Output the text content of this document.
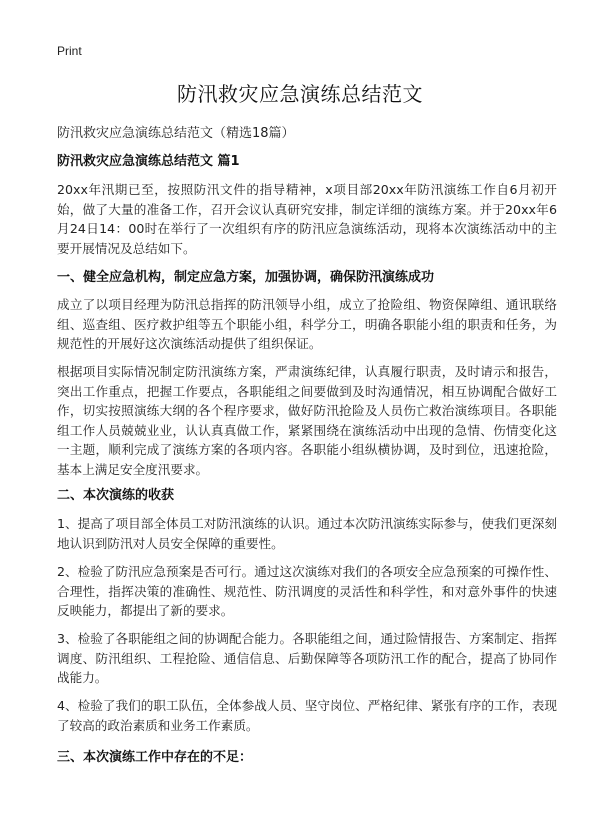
Print
防汛救灾应急演练总结范文
防汛救灾应急演练总结范文（精选18篇）
防汛救灾应急演练总结范文 篇1

20xx年汛期已至，按照防汛文件的指导精神，x项目部20xx年防汛演练工作自6月初开始，做了大量的准备工作，召开会议认真研究安排，制定详细的演练方案。并于20xx年6月24日14：00时在举行了一次组织有序的防汛应急演练活动，现将本次演练活动中的主要开展情况及总结如下。

一、健全应急机构，制定应急方案，加强协调，确保防汛演练成功

成立了以项目经理为防汛总指挥的防汛领导小组，成立了抢险组、物资保障组、通讯联络组、巡查组、医疗救护组等五个职能小组，科学分工，明确各职能小组的职责和任务，为规范性的开展好这次演练活动提供了组织保证。

根据项目实际情况制定防汛演练方案，严肃演练纪律，认真履行职责，及时请示和报告，突出工作重点，把握工作要点，各职能组之间要做到及时沟通情况，相互协调配合做好工作，切实按照演练大纲的各个程序要求，做好防汛抢险及人员伤亡救治演练项目。各职能组工作人员兢兢业业，认认真真做工作，紧紧围绕在演练活动中出现的急情、伤情变化这一主题，顺利完成了演练方案的各项内容。各职能小组纵横协调，及时到位，迅速抢险，基本上满足安全度汛要求。

二、本次演练的收获

1、提高了项目部全体员工对防汛演练的认识。通过本次防汛演练实际参与，使我们更深刻地认识到防汛对人员安全保障的重要性。

2、检验了防汛应急预案是否可行。通过这次演练对我们的各项安全应急预案的可操作性、合理性，指挥决策的准确性、规范性、防汛调度的灵活性和科学性，和对意外事件的快速反映能力，都提出了新的要求。

3、检验了各职能组之间的协调配合能力。各职能组之间，通过险情报告、方案制定、指挥调度、防汛组织、工程抢险、通信信息、后勤保障等各项防汛工作的配合，提高了协同作战能力。

4、检验了我们的职工队伍，全体参战人员、坚守岗位、严格纪律、紧张有序的工作，表现了较高的政治素质和业务工作素质。

三、本次演练工作中存在的不足：
